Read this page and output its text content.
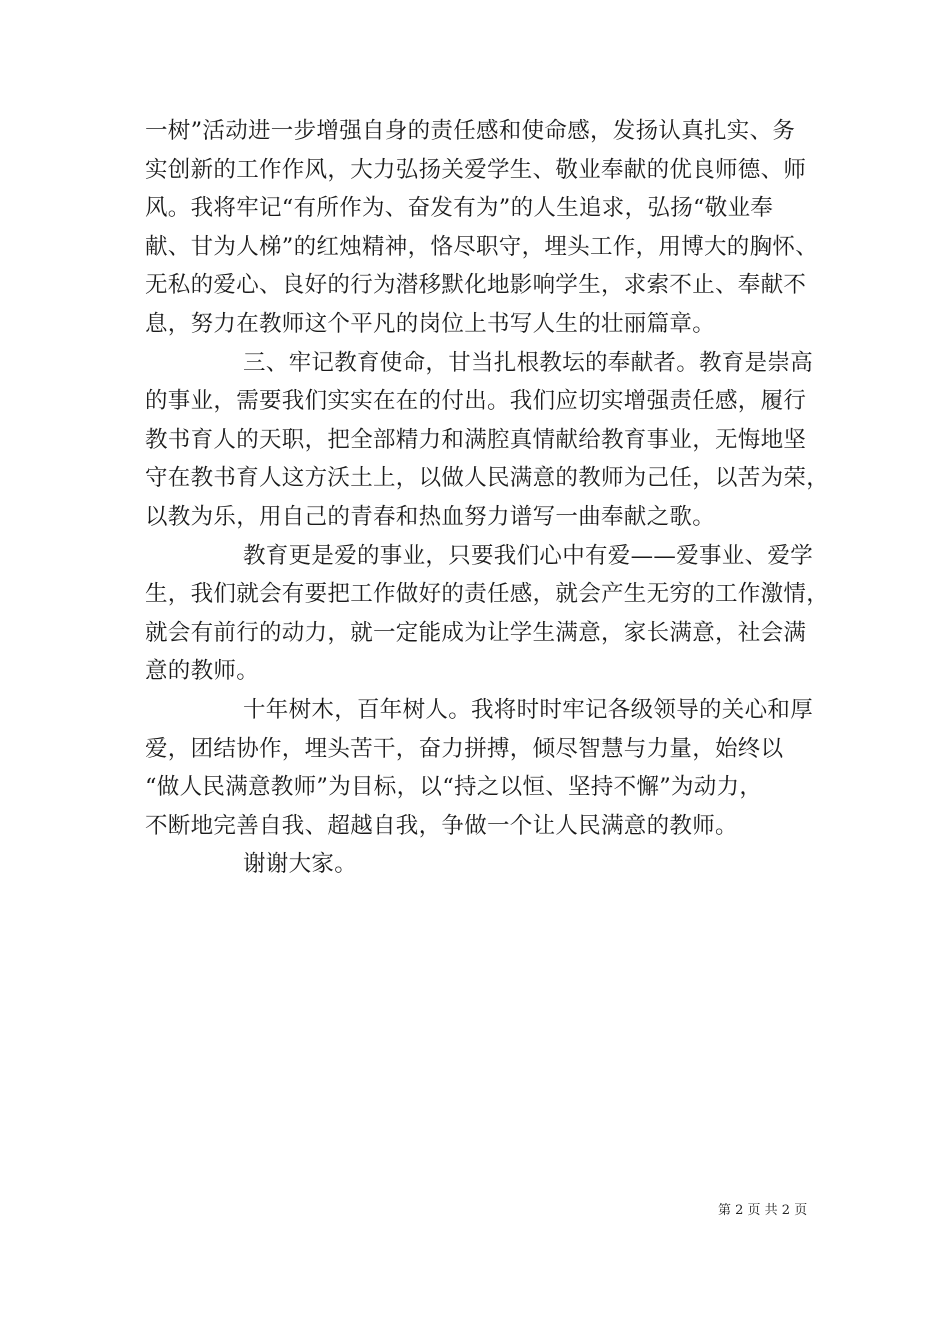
一树”活动进一步增强自身的责任感和使命感，发扬认真扎实、务
实创新的工作作风，大力弘扬关爱学生、敬业奉献的优良师德、师
风。我将牢记“有所作为、奋发有为”的人生追求，弘扬“敬业奉
献、甘为人梯”的红烛精神，恪尽职守，埋头工作，用博大的胸怀、
无私的爱心、良好的行为潜移默化地影响学生，求索不止、奉献不
息，努力在教师这个平凡的岗位上书写人生的壮丽篇章。
三、牢记教育使命，甘当扎根教坛的奉献者。教育是崇高
的事业，需要我们实实在在的付出。我们应切实增强责任感，履行
教书育人的天职，把全部精力和满腔真情献给教育事业，无悔地坚
守在教书育人这方沃土上，以做人民满意的教师为己任，以苦为荣，
以教为乐，用自己的青春和热血努力谱写一曲奉献之歌。
教育更是爱的事业，只要我们心中有爱——爱事业、爱学
生，我们就会有要把工作做好的责任感，就会产生无穷的工作激情，
就会有前行的动力，就一定能成为让学生满意，家长满意，社会满
意的教师。
十年树木，百年树人。我将时时牢记各级领导的关心和厚
爱，团结协作，埋头苦干，奋力拼搏，倾尽智慧与力量，始终以
“做人民满意教师”为目标，以“持之以恒、坚持不懈”为动力，
不断地完善自我、超越自我，争做一个让人民满意的教师。
谢谢大家。
第 2 页 共 2 页
